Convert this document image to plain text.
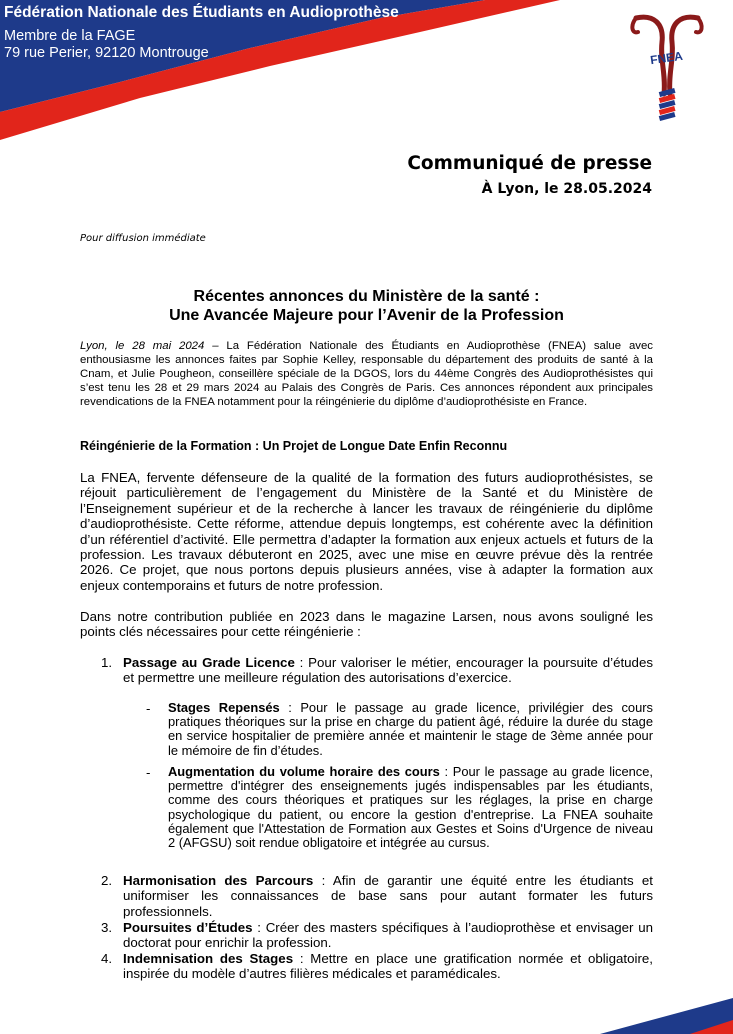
Fédération Nationale des Étudiants en Audioprothèse
Membre de la FAGE
79 rue Perier, 92120 Montrouge	FNEA
Communiqué de presse
À Lyon, le 28.05.2024
Pour diffusion immédiate
Récentes annonces du Ministère de la santé :
Une Avancée Majeure pour l’Avenir de la Profession
Lyon, le 28 mai 2024 – La Fédération Nationale des Étudiants en Audioprothèse (FNEA) salue avec enthousiasme les annonces faites par Sophie Kelley, responsable du département des produits de santé à la Cnam, et Julie Pougheon, conseillère spéciale de la DGOS, lors du 44ème Congrès des Audioprothésistes qui s’est tenu les 28 et 29 mars 2024 au Palais des Congrès de Paris. Ces annonces répondent aux principales revendications de la FNEA notamment pour la réingénierie du diplôme d’audioprothésiste en France.
Réingénierie de la Formation : Un Projet de Longue Date Enfin Reconnu
La FNEA, fervente défenseure de la qualité de la formation des futurs audioprothésistes, se réjouit particulièrement de l’engagement du Ministère de la Santé et du Ministère de l’Enseignement supérieur et de la recherche à lancer les travaux de réingénierie du diplôme d’audioprothésiste. Cette réforme, attendue depuis longtemps, est cohérente avec la définition d’un référentiel d’activité. Elle permettra d’adapter la formation aux enjeux actuels et futurs de la profession. Les travaux débuteront en 2025, avec une mise en œuvre prévue dès la rentrée 2026. Ce projet, que nous portons depuis plusieurs années, vise à adapter la formation aux enjeux contemporains et futurs de notre profession.
Dans notre contribution publiée en 2023 dans le magazine Larsen, nous avons souligné les points clés nécessaires pour cette réingénierie :
1. Passage au Grade Licence : Pour valoriser le métier, encourager la poursuite d’études et permettre une meilleure régulation des autorisations d’exercice.
- Stages Repensés : Pour le passage au grade licence, privilégier des cours pratiques théoriques sur la prise en charge du patient âgé, réduire la durée du stage en service hospitalier de première année et maintenir le stage de 3ème année pour le mémoire de fin d’études.
- Augmentation du volume horaire des cours : Pour le passage au grade licence, permettre d'intégrer des enseignements jugés indispensables par les étudiants, comme des cours théoriques et pratiques sur les réglages, la prise en charge psychologique du patient, ou encore la gestion d'entreprise. La FNEA souhaite également que l'Attestation de Formation aux Gestes et Soins d'Urgence de niveau 2 (AFGSU) soit rendue obligatoire et intégrée au cursus.
2. Harmonisation des Parcours : Afin de garantir une équité entre les étudiants et uniformiser les connaissances de base sans pour autant formater les futurs professionnels.
3. Poursuites d’Études : Créer des masters spécifiques à l’audioprothèse et envisager un doctorat pour enrichir la profession.
4. Indemnisation des Stages : Mettre en place une gratification normée et obligatoire, inspirée du modèle d’autres filières médicales et paramédicales.
